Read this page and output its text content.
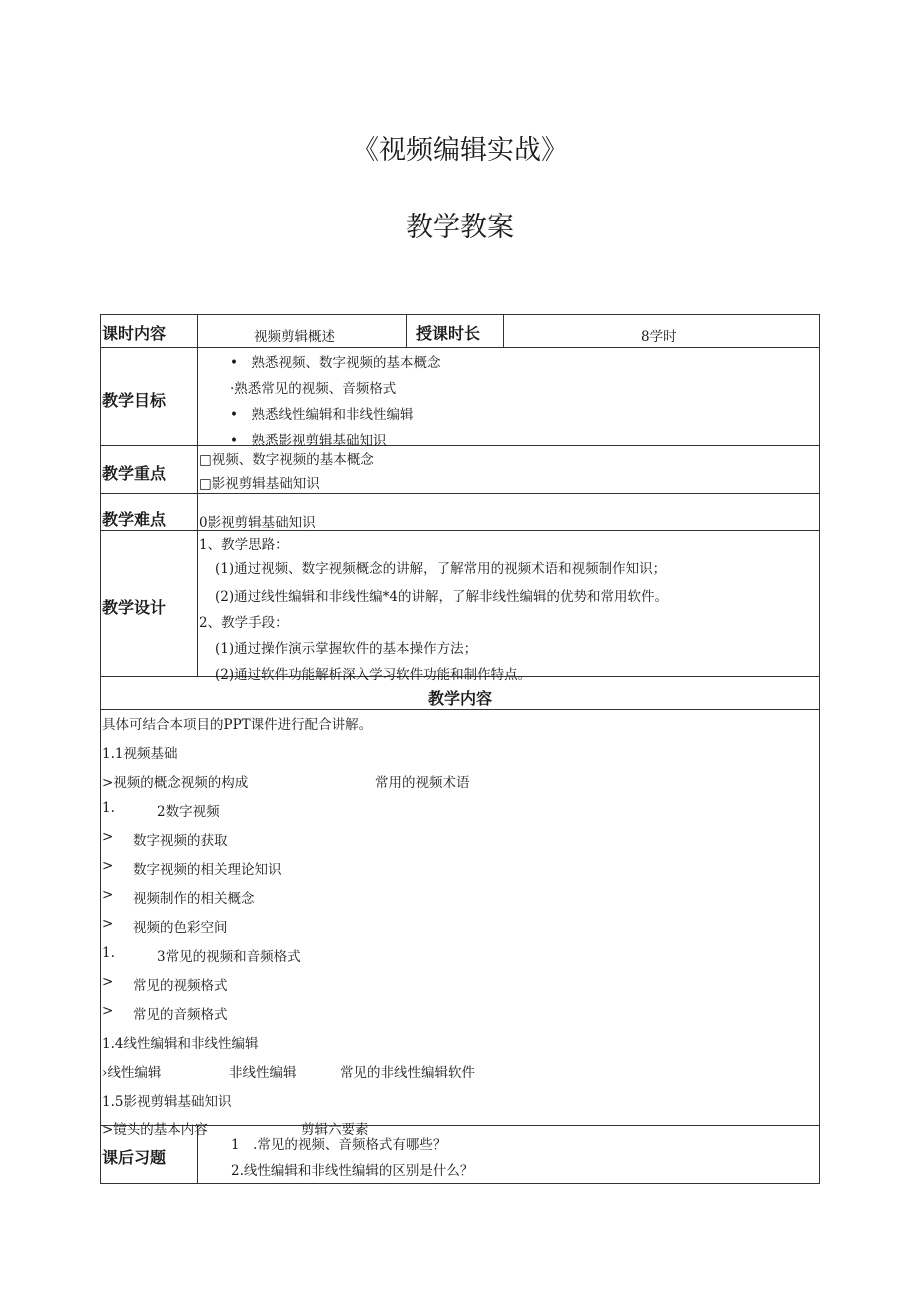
《视频编辑实战》
教学教案
课时内容	视频剪辑概述	授课时长	8学时
教学目标
•　熟悉视频、数字视频的基本概念
·熟悉常见的视频、音频格式
•　熟悉线性编辑和非线性编辑
•　熟悉影视剪辑基础知识
教学重点
□视频、数字视频的基本概念
□影视剪辑基础知识
教学难点 0影视剪辑基础知识
教学设计
1、教学思路：
(1)通过视频、数字视频概念的讲解，了解常用的视频术语和视频制作知识；
(2)通过线性编辑和非线性编*4的讲解，了解非线性编辑的优势和常用软件。
2、教学手段：
(1)通过操作演示掌握软件的基本操作方法；
(2)通过软件功能解析深入学习软件功能和制作特点。
教学内容
具体可结合本项目的PPT课件进行配合讲解。
1.1视频基础
>视频的概念视频的构成	常用的视频术语
1.	2数字视频
> 数字视频的获取
> 数字视频的相关理论知识
> 视频制作的相关概念
> 视频的色彩空间
1.	3常见的视频和音频格式
> 常见的视频格式
> 常见的音频格式
1.4线性编辑和非线性编辑
›线性编辑	非线性编辑	常见的非线性编辑软件
1.5影视剪辑基础知识
>镜头的基本内容	剪辑六要素
课后习题
1　.常见的视频、音频格式有哪些？
2.线性编辑和非线性编辑的区别是什么？
